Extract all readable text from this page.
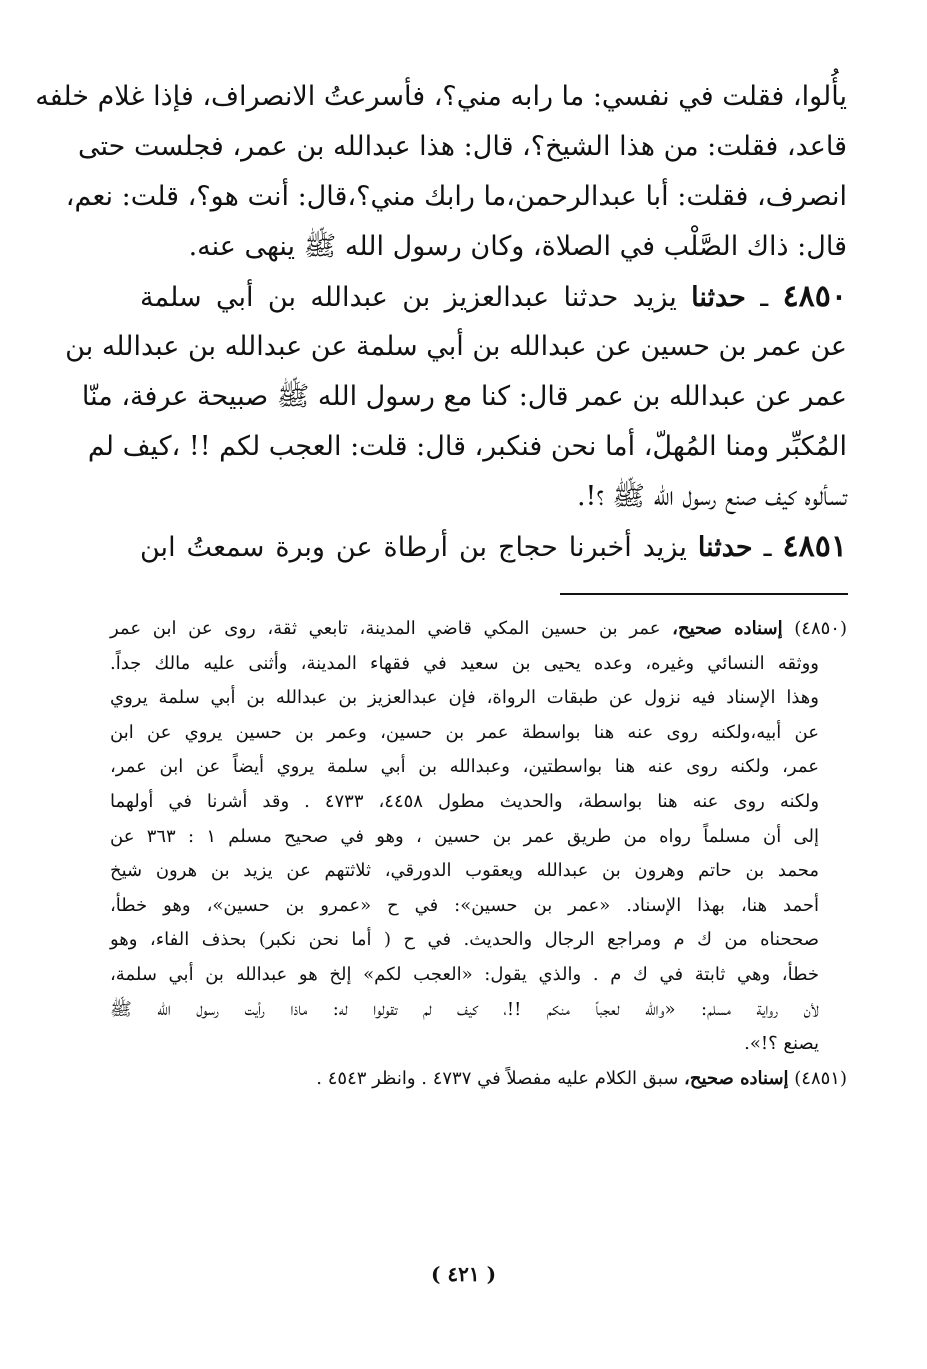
يأُلوا، فقلت في نفسي: ما رابه مني؟، فأسرعتُ الانصراف، فإذا غلام خلفه
قاعد، فقلت: من هذا الشيخ؟، قال: هذا عبدالله بن عمر، فجلست حتى
انصرف، فقلت: أبا عبدالرحمن،ما رابك مني؟،قال: أنت هو؟، قلت: نعم،
قال: ذاك الصَّلْب في الصلاة، وكان رسول الله ﷺ ينهى عنه.
٤٨٥٠ ـ حدثنا يزيد حدثنا عبدالعزيز بن عبدالله بن أبي سلمة
عن عمر بن حسين عن عبدالله بن أبي سلمة عن عبدالله بن عبدالله بن
عمر عن عبدالله بن عمر قال: كنا مع رسول الله ﷺ صبيحة عرفة، منّا
المُكبِّر ومنا المُهلّ، أما نحن فنكبر، قال: قلت: العجب لكم !! ،كيف لم
تسألوه كيف صنع رسول الله ﷺ ؟!.
٤٨٥١ ـ حدثنا يزيد أخبرنا حجاج بن أرطاة عن وبرة سمعتُ ابن
(٤٨٥٠) إسناده صحيح، عمر بن حسين المكي قاضي المدينة، تابعي ثقة، روى عن ابن عمر
ووثقه النسائي وغيره، وعده يحيى بن سعيد في فقهاء المدينة، وأثنى عليه مالك جداً.
وهذا الإسناد فيه نزول عن طبقات الرواة، فإن عبدالعزيز بن عبدالله بن أبي سلمة يروي
عن أبيه،ولكنه روى عنه هنا بواسطة عمر بن حسين، وعمر بن حسين يروي عن ابن
عمر، ولكنه روى عنه هنا بواسطتين، وعبدالله بن أبي سلمة يروي أيضاً عن ابن عمر،
ولكنه روى عنه هنا بواسطة، والحديث مطول ٤٤٥٨، ٤٧٣٣ . وقد أشرنا في أولهما
إلى أن مسلماً رواه من طريق عمر بن حسين ، وهو في صحيح مسلم ١ : ٣٦٣ عن
محمد بن حاتم وهرون بن عبدالله ويعقوب الدورقي، ثلاثتهم عن يزيد بن هرون شيخ
أحمد هنا، بهذا الإسناد. «عمر بن حسين»: في ح «عمرو بن حسين»، وهو خطأ،
صححناه من ك م ومراجع الرجال والحديث. في ح ( أما نحن نكبر) بحذف الفاء، وهو
خطأ، وهي ثابتة في ك م . والذي يقول: «العجب لكم» إلخ هو عبدالله بن أبي سلمة،
لأن رواية مسلم: «والله لعجباً منكم !!، كيف لم تقولوا له: ماذا رأيت رسول الله ﷺ
يصنع ؟!».
(٤٨٥١) إسناده صحيح، سبق الكلام عليه مفصلاً في ٤٧٣٧ . وانظر ٤٥٤٣ .
( ٤٢١ )
